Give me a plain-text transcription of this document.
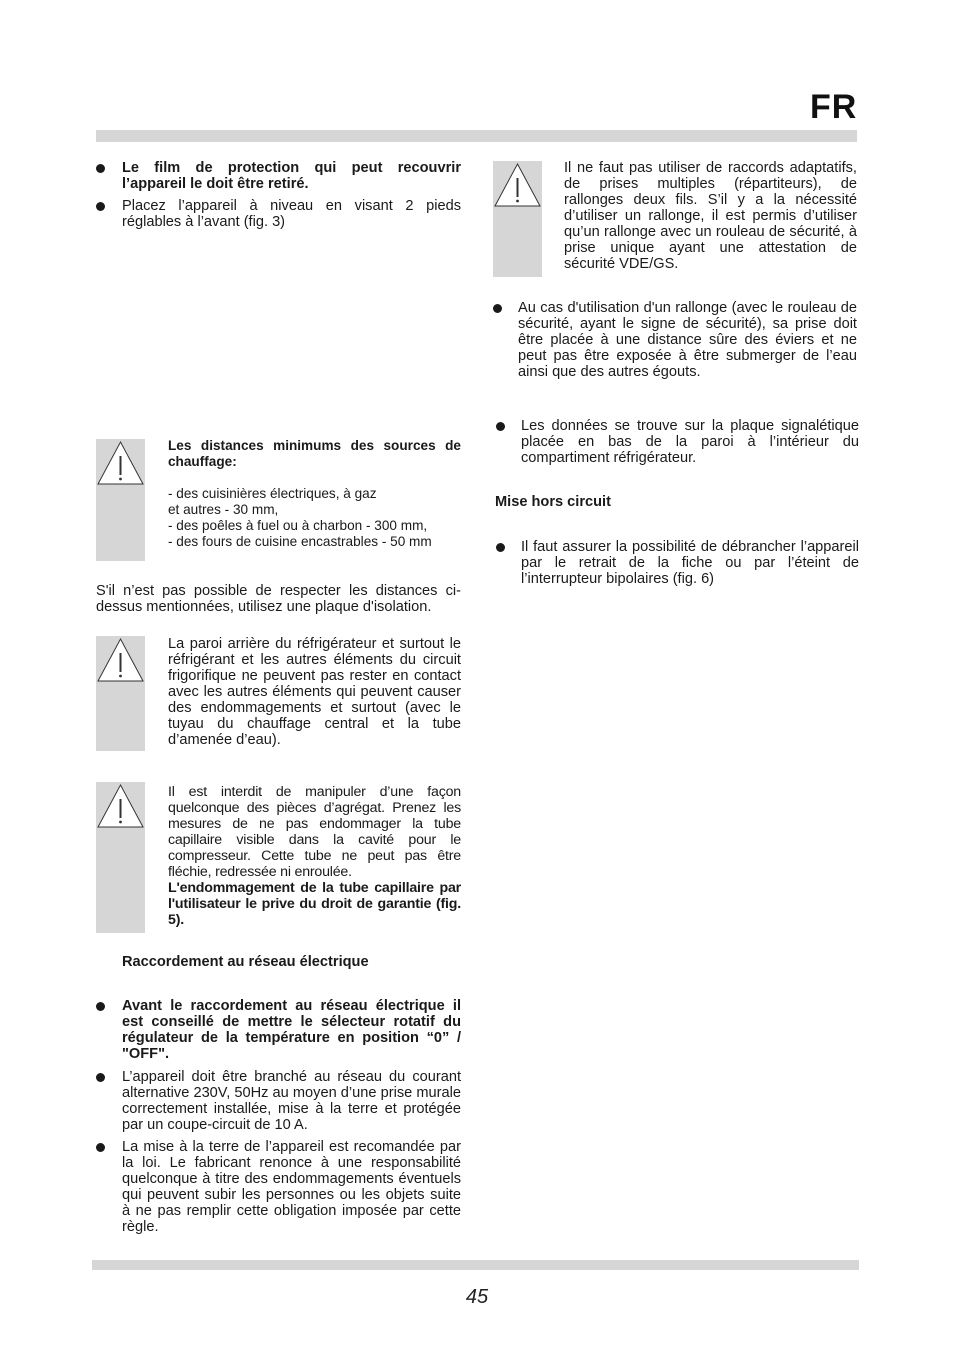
FR

Le film de protection qui peut recouvrir l’appareil le doit être retiré.

Placez l’appareil à niveau en visant 2 pieds réglables à l’avant (fig. 3)

Les distances minimums des sources de chauffage:

- des cuisinières électriques, à gaz

et autres - 30 mm,

- des poêles à fuel ou à charbon - 300 mm,

- des fours de cuisine encastrables - 50 mm

S'il n’est pas possible de respecter les distances ci-dessus mentionnées, utilisez une plaque d'isolation.

La paroi arrière du réfrigérateur et surtout le réfrigérant et les autres éléments du circuit frigorifique ne peuvent pas rester en contact avec les autres éléments qui peuvent causer des endommagements et surtout (avec le tuyau du chauffage central et la tube d’amenée d’eau).

Il est interdit de manipuler d’une façon quelconque des pièces d’agrégat. Prenez les mesures de ne pas endommager la tube capillaire visible dans la cavité pour le compresseur. Cette tube ne peut pas être fléchie, redressée ni enroulée.

L'endommagement de la tube capillaire par l'utilisateur le prive du droit de garantie (fig. 5).

Raccordement au réseau électrique

Avant le raccordement au réseau électrique il est conseillé de mettre le sélecteur rotatif du régulateur de la température en position “0” / "OFF".

L’appareil doit être branché au réseau du courant alternative 230V, 50Hz au moyen d’une prise murale correctement installée, mise à la terre et protégée par un coupe-circuit de 10 A.

La mise à la terre de l’appareil est recomandée par la loi. Le fabricant renonce à une responsabilité quelconque à titre des endommagements éventuels qui peuvent subir les personnes ou les objets suite à ne pas remplir cette obligation imposée par cette règle.

Il ne faut pas utiliser de raccords adaptatifs, de prises multiples (répartiteurs), de rallonges deux fils. S’il y a la nécessité d’utiliser un rallonge, il est permis d’utiliser qu’un rallonge avec un rouleau de sécurité, à prise unique ayant une attestation de sécurité VDE/GS.

Au cas d'utilisation d'un rallonge (avec le rouleau de sécurité, ayant le signe de sécurité), sa prise doit être placée à une distance sûre des éviers et ne peut pas être exposée à être submerger de l’eau ainsi que des autres égouts.

Les données se trouve sur la plaque signalétique placée en bas de la paroi à l’intérieur du compartiment réfrigérateur.

Mise hors circuit

Il faut assurer la possibilité de débrancher l’appareil par le retrait de la fiche ou par l’éteint de l’interrupteur bipolaires (fig. 6)

45
